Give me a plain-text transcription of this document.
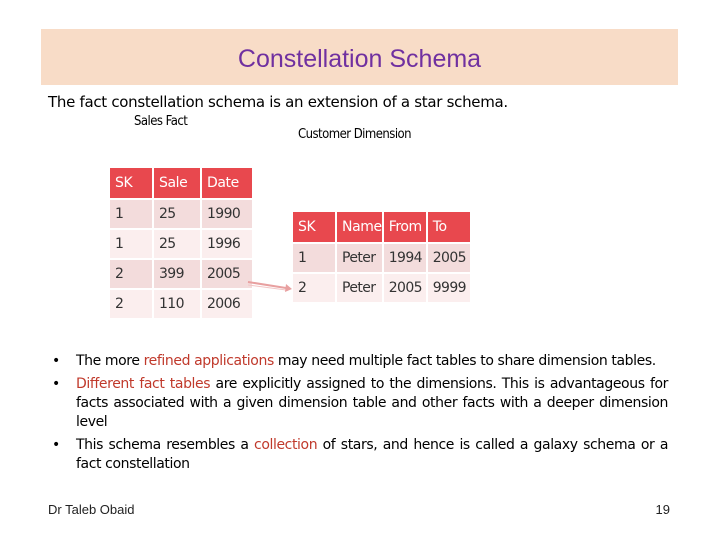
Constellation Schema
The fact constellation schema is an extension of a star schema.
Sales Fact
Customer Dimension
SK	Sale	Date
1	25	1990
1	25	1996
2	399	2005
2	110	2006
SK	Name	From	To
1	Peter	1994	2005
2	Peter	2005	9999
• The more refined applications may need multiple fact tables to share dimension tables.
• Different fact tables are explicitly assigned to the dimensions. This is advantageous for facts associated with a given dimension table and other facts with a deeper dimension level
• This schema resembles a collection of stars, and hence is called a galaxy schema or a fact constellation
Dr Taleb Obaid	19
